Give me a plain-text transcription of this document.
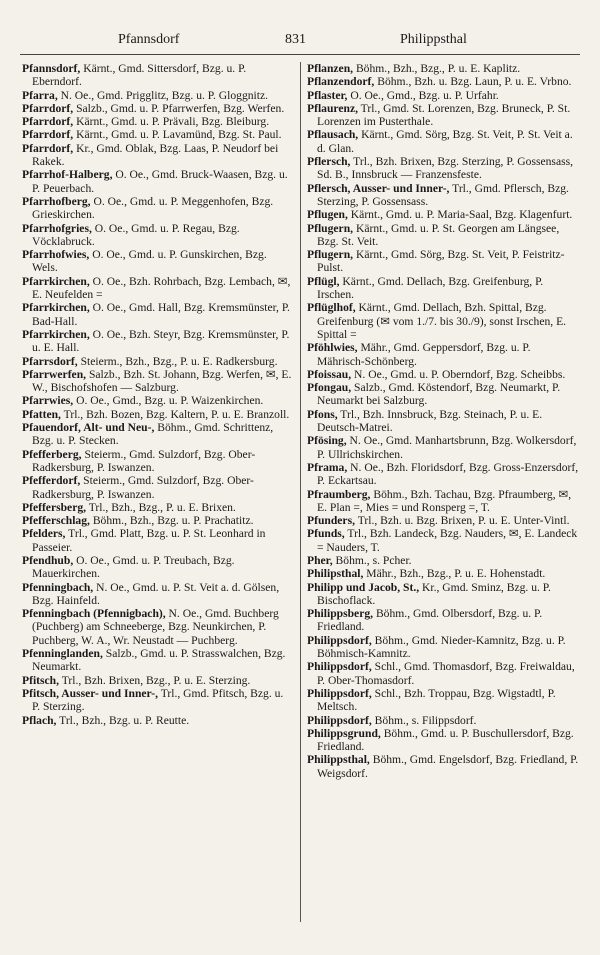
Pfannsdorf	831	Philippsthal
Pfannsdorf, Kärnt., Gmd. Sittersdorf, Bzg. u. P. Eberndorf.
Pfarra, N. Oe., Gmd. Prigglitz, Bzg. u. P. Gloggnitz.
Pfarrdorf, Salzb., Gmd. u. P. Pfarrwerfen, Bzg. Werfen.
Pfarrdorf, Kärnt., Gmd. u. P. Prävali, Bzg. Bleiburg.
Pfarrdorf, Kärnt., Gmd. u. P. Lavamünd, Bzg. St. Paul.
Pfarrdorf, Kr., Gmd. Oblak, Bzg. Laas, P. Neudorf bei Rakek.
Pfarrhof-Halberg, O. Oe., Gmd. Bruck-Waasen, Bzg. u. P. Peuerbach.
Pfarrhofberg, O. Oe., Gmd. u. P. Meggenhofen, Bzg. Grieskirchen.
Pfarrhofgries, O. Oe., Gmd. u. P. Regau, Bzg. Vöcklabruck.
Pfarrhofwies, O. Oe., Gmd. u. P. Gunskirchen, Bzg. Wels.
Pfarrkirchen, O. Oe., Bzh. Rohrbach, Bzg. Lembach, ✉, E. Neufelden =
Pfarrkirchen, O. Oe., Gmd. Hall, Bzg. Kremsmünster, P. Bad-Hall.
Pfarrkirchen, O. Oe., Bzh. Steyr, Bzg. Kremsmünster, P. u. E. Hall.
Pfarrsdorf, Steierm., Bzh., Bzg., P. u. E. Radkersburg.
Pfarrwerfen, Salzb., Bzh. St. Johann, Bzg. Werfen, ✉, E. W., Bischofshofen — Salzburg.
Pfarrwies, O. Oe., Gmd., Bzg. u. P. Waizenkirchen.
Pfatten, Trl., Bzh. Bozen, Bzg. Kaltern, P. u. E. Branzoll.
Pfauendorf, Alt- und Neu-, Böhm., Gmd. Schrittenz, Bzg. u. P. Stecken.
Pfefferberg, Steierm., Gmd. Sulzdorf, Bzg. Ober-Radkersburg, P. Iswanzen.
Pfefferdorf, Steierm., Gmd. Sulzdorf, Bzg. Ober-Radkersburg, P. Iswanzen.
Pfeffersberg, Trl., Bzh., Bzg., P. u. E. Brixen.
Pfefferschlag, Böhm., Bzh., Bzg. u. P. Prachatitz.
Pfelders, Trl., Gmd. Platt, Bzg. u. P. St. Leonhard in Passeier.
Pfendhub, O. Oe., Gmd. u. P. Treubach, Bzg. Mauerkirchen.
Pfenningbach, N. Oe., Gmd. u. P. St. Veit a. d. Gölsen, Bzg. Hainfeld.
Pfenningbach (Pfennigbach), N. Oe., Gmd. Buchberg (Puchberg) am Schneeberge, Bzg. Neunkirchen, P. Puchberg, W. A., Wr. Neustadt — Puchberg.
Pfenninglanden, Salzb., Gmd. u. P. Strasswalchen, Bzg. Neumarkt.
Pfitsch, Trl., Bzh. Brixen, Bzg., P. u. E. Sterzing.
Pfitsch, Ausser- und Inner-, Trl., Gmd. Pfitsch, Bzg. u. P. Sterzing.
Pflach, Trl., Bzh., Bzg. u. P. Reutte.
Pflanzen, Böhm., Bzh., Bzg., P. u. E. Kaplitz.
Pflanzendorf, Böhm., Bzh. u. Bzg. Laun, P. u. E. Vrbno.
Pflaster, O. Oe., Gmd., Bzg. u. P. Urfahr.
Pflaurenz, Trl., Gmd. St. Lorenzen, Bzg. Bruneck, P. St. Lorenzen im Pusterthale.
Pflausach, Kärnt., Gmd. Sörg, Bzg. St. Veit, P. St. Veit a. d. Glan.
Pflersch, Trl., Bzh. Brixen, Bzg. Sterzing, P. Gossensass, Sd. B., Innsbruck — Franzensfeste.
Pflersch, Ausser- und Inner-, Trl., Gmd. Pflersch, Bzg. Sterzing, P. Gossensass.
Pflugen, Kärnt., Gmd. u. P. Maria-Saal, Bzg. Klagenfurt.
Pflugern, Kärnt., Gmd. u. P. St. Georgen am Längsee, Bzg. St. Veit.
Pflugern, Kärnt., Gmd. Sörg, Bzg. St. Veit, P. Feistritz-Pulst.
Pflügl, Kärnt., Gmd. Dellach, Bzg. Greifenburg, P. Irschen.
Pflüglhof, Kärnt., Gmd. Dellach, Bzh. Spittal, Bzg. Greifenburg (✉ vom 1./7. bis 30./9), sonst Irschen, E. Spittal =
Pföhlwies, Mähr., Gmd. Geppersdorf, Bzg. u. P. Mährisch-Schönberg.
Pfoissau, N. Oe., Gmd. u. P. Oberndorf, Bzg. Scheibbs.
Pfongau, Salzb., Gmd. Köstendorf, Bzg. Neumarkt, P. Neumarkt bei Salzburg.
Pfons, Trl., Bzh. Innsbruck, Bzg. Steinach, P. u. E. Deutsch-Matrei.
Pfösing, N. Oe., Gmd. Manhartsbrunn, Bzg. Wolkersdorf, P. Ullrichskirchen.
Pframa, N. Oe., Bzh. Floridsdorf, Bzg. Gross-Enzersdorf, P. Eckartsau.
Pfraumberg, Böhm., Bzh. Tachau, Bzg. Pfraumberg, ✉, E. Plan =, Mies = und Ronsperg =, T.
Pfunders, Trl., Bzh. u. Bzg. Brixen, P. u. E. Unter-Vintl.
Pfunds, Trl., Bzh. Landeck, Bzg. Nauders, ✉, E. Landeck = Nauders, T.
Pher, Böhm., s. Pcher.
Philipsthal, Mähr., Bzh., Bzg., P. u. E. Hohenstadt.
Philipp und Jacob, St., Kr., Gmd. Sminz, Bzg. u. P. Bischoflack.
Philippsberg, Böhm., Gmd. Olbersdorf, Bzg. u. P. Friedland.
Philippsdorf, Böhm., Gmd. Nieder-Kamnitz, Bzg. u. P. Böhmisch-Kamnitz.
Philippsdorf, Schl., Gmd. Thomasdorf, Bzg. Freiwaldau, P. Ober-Thomasdorf.
Philippsdorf, Schl., Bzh. Troppau, Bzg. Wigstadtl, P. Meltsch.
Philippsdorf, Böhm., s. Filippsdorf.
Philippsgrund, Böhm., Gmd. u. P. Buschullersdorf, Bzg. Friedland.
Philippsthal, Böhm., Gmd. Engelsdorf, Bzg. Friedland, P. Weigsdorf.
